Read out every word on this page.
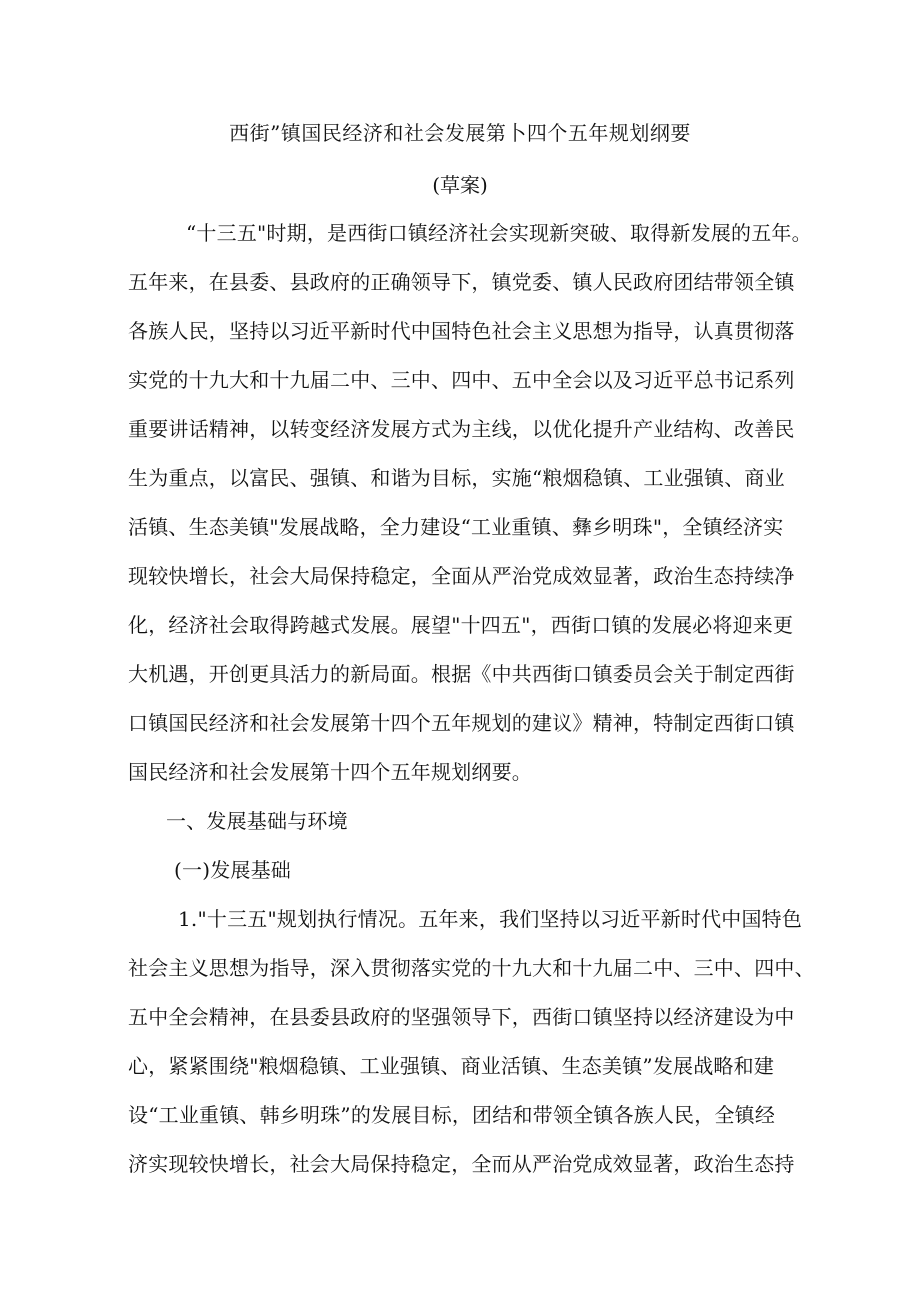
西街”镇国民经济和社会发展第卜四个五年规划纲要
(草案)
“十三五"时期，是西街口镇经济社会实现新突破、取得新发展的五年。
五年来，在县委、县政府的正确领导下，镇党委、镇人民政府团结带领全镇
各族人民，坚持以习近平新时代中国特色社会主义思想为指导，认真贯彻落
实党的十九大和十九届二中、三中、四中、五中全会以及习近平总书记系列
重要讲话精神，以转变经济发展方式为主线，以优化提升产业结构、改善民
生为重点，以富民、强镇、和谐为目标，实施“粮烟稳镇、工业强镇、商业
活镇、生态美镇"发展战略，全力建设“工业重镇、彝乡明珠"，全镇经济实
现较快增长，社会大局保持稳定，全面从严治党成效显著，政治生态持续净
化，经济社会取得跨越式发展。展望"十四五"，西街口镇的发展必将迎来更
大机遇，开创更具活力的新局面。根据《中共西街口镇委员会关于制定西街
口镇国民经济和社会发展第十四个五年规划的建议》精神，特制定西街口镇
国民经济和社会发展第十四个五年规划纲要。
一、发展基础与环境
(一)发展基础
1."十三五"规划执行情况。五年来，我们坚持以习近平新时代中国特色
社会主义思想为指导，深入贯彻落实党的十九大和十九届二中、三中、四中、
五中全会精神，在县委县政府的坚强领导下，西街口镇坚持以经济建设为中
心，紧紧围绕"粮烟稳镇、工业强镇、商业活镇、生态美镇”发展战略和建
设“工业重镇、韩乡明珠”的发展目标，团结和带领全镇各族人民，全镇经
济实现较快增长，社会大局保持稳定，全而从严治党成效显著，政治生态持
